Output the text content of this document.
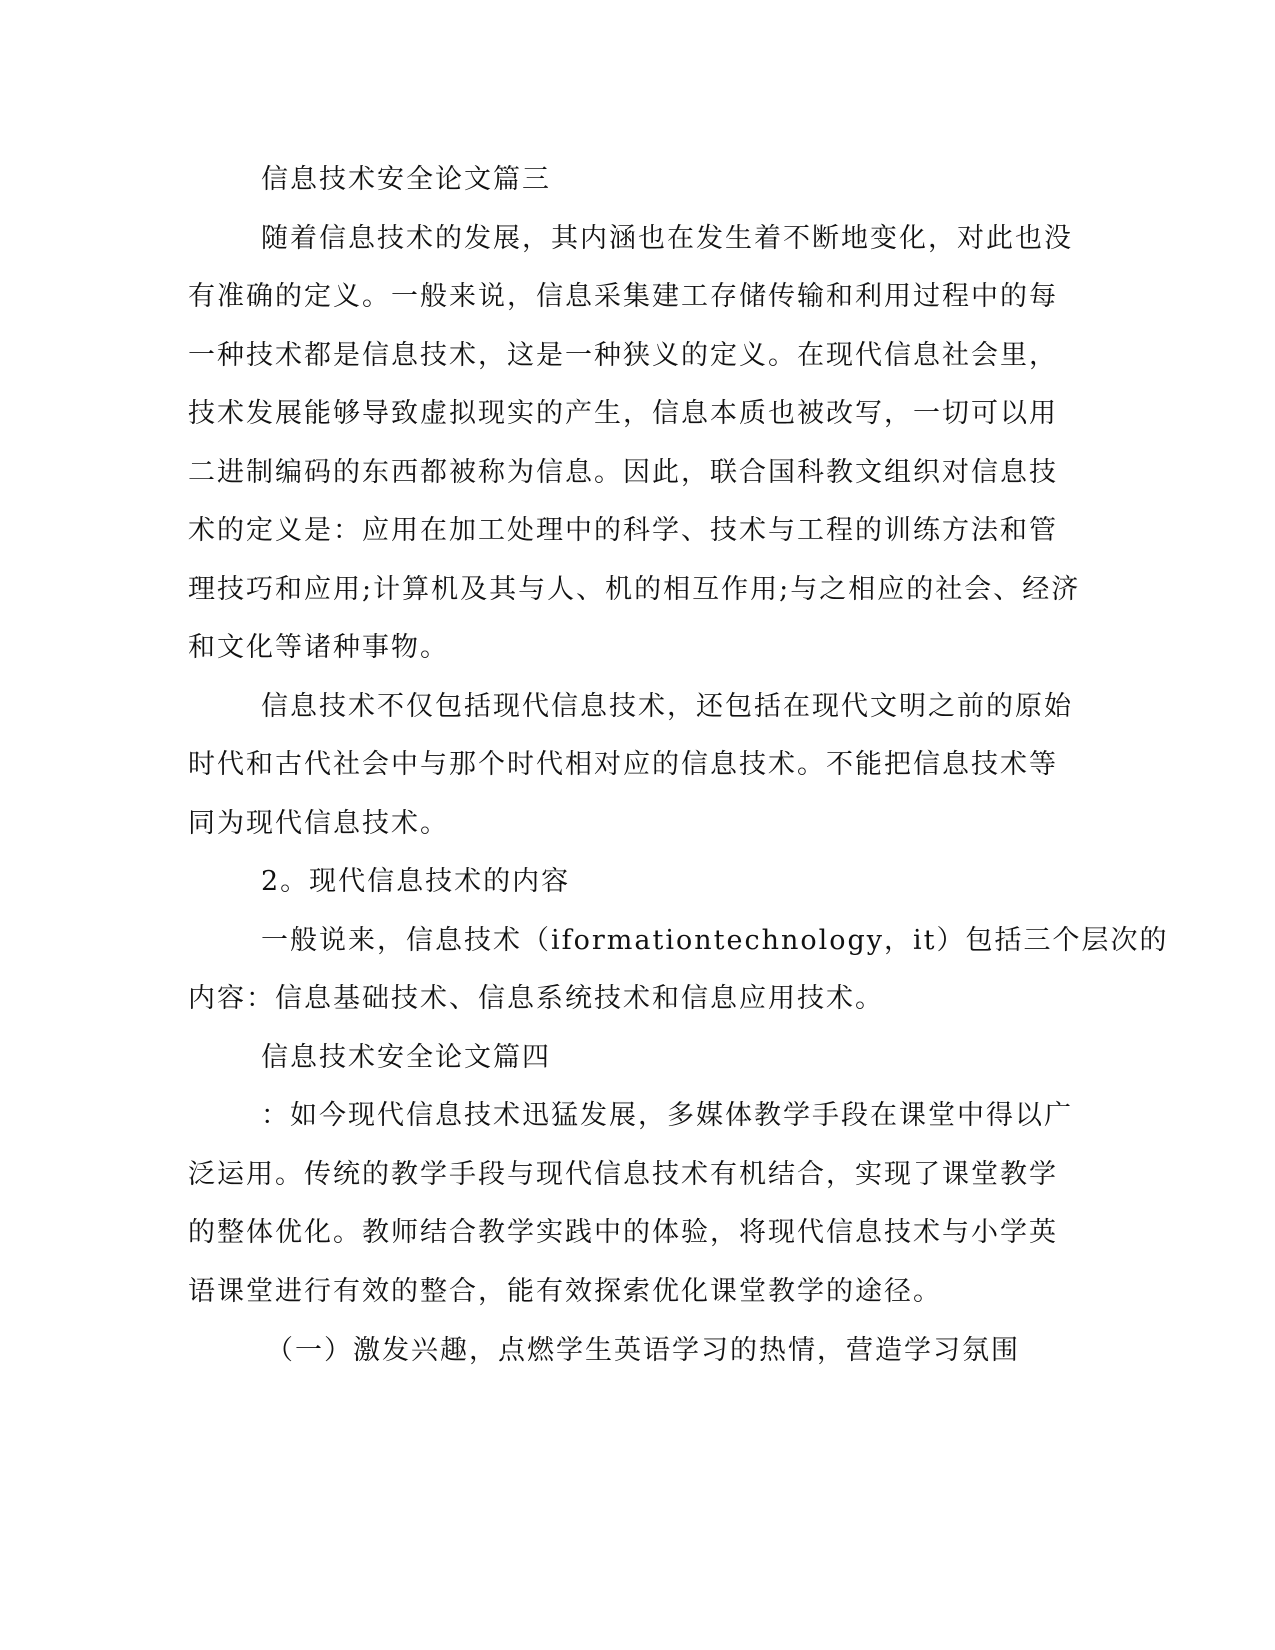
信息技术安全论文篇三
随着信息技术的发展，其内涵也在发生着不断地变化，对此也没
有准确的定义。一般来说，信息采集建工存储传输和利用过程中的每
一种技术都是信息技术，这是一种狭义的定义。在现代信息社会里，
技术发展能够导致虚拟现实的产生，信息本质也被改写，一切可以用
二进制编码的东西都被称为信息。因此，联合国科教文组织对信息技
术的定义是：应用在加工处理中的科学、技术与工程的训练方法和管
理技巧和应用;计算机及其与人、机的相互作用;与之相应的社会、经济
和文化等诸种事物。
信息技术不仅包括现代信息技术，还包括在现代文明之前的原始
时代和古代社会中与那个时代相对应的信息技术。不能把信息技术等
同为现代信息技术。
2。现代信息技术的内容
一般说来，信息技术（iformationtechnology，it）包括三个层次的
内容：信息基础技术、信息系统技术和信息应用技术。
信息技术安全论文篇四
：如今现代信息技术迅猛发展，多媒体教学手段在课堂中得以广
泛运用。传统的教学手段与现代信息技术有机结合，实现了课堂教学
的整体优化。教师结合教学实践中的体验，将现代信息技术与小学英
语课堂进行有效的整合，能有效探索优化课堂教学的途径。
（一）激发兴趣，点燃学生英语学习的热情，营造学习氛围
